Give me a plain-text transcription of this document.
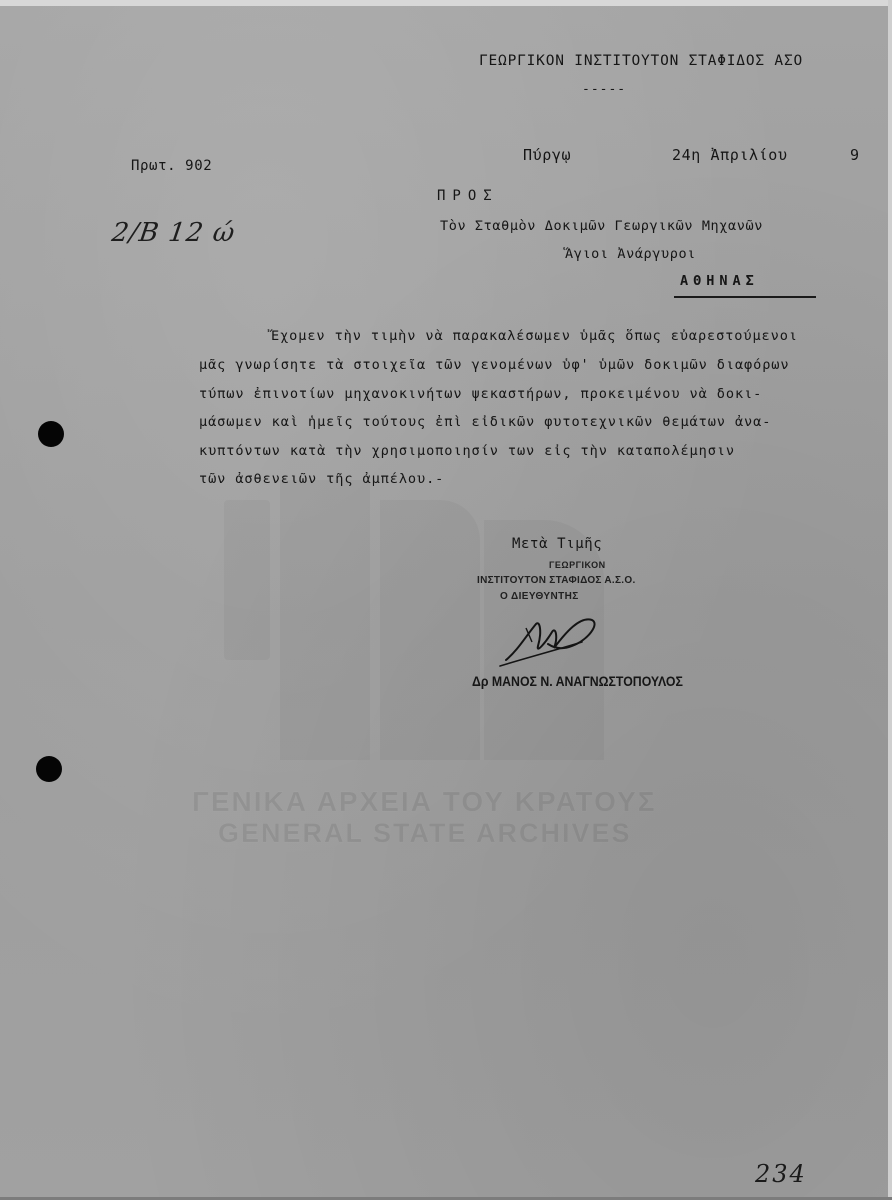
ΓΕΝΙΚΑ ΑΡΧΕΙΑ ΤΟΥ ΚΡΑΤΟΥΣ
GENERAL STATE ARCHIVES
ΓΕΩΡΓΙΚΟΝ ΙΝΣΤΙΤΟΥΤΟΝ ΣΤΑΦΙΔΟΣ ΑΣΟ
-----
Πρωτ. 902
Πύργῳ	24η Ἀπριλίου	9
2/Β 12 ώ
ΠΡΟΣ
Τὸν Σταθμὸν Δοκιμῶν Γεωργικῶν Μηχανῶν
Ἅγιοι Ἀνάργυροι
ΑΘΗΝΑΣ
Ἔχομεν τὴν τιμὴν νὰ παρακαλέσωμεν ὑμᾶς ὅπως εὐαρεστούμενοι
μᾶς γνωρίσητε τὰ στοιχεῖα τῶν γενομένων ὑφ' ὑμῶν δοκιμῶν διαφόρων
τύπων ἐπινοτίων μηχανοκινήτων ψεκαστήρων, προκειμένου νὰ δοκι-
μάσωμεν καὶ ἡμεῖς τούτους ἐπὶ εἰδικῶν φυτοτεχνικῶν θεμάτων ἀνα-
κυπτόντων κατὰ τὴν χρησιμοποιησίν των εἰς τὴν καταπολέμησιν
τῶν ἀσθενειῶν τῆς ἀμπέλου.-
Μετὰ Τιμῆς
ΓΕΩΡΓΙΚΟΝ
ΙΝΣΤΙΤΟΥΤΟΝ ΣΤΑΦΙΔΟΣ Α.Σ.Ο.
Ο ΔΙΕΥΘΥΝΤΗΣ
Δρ ΜΑΝΟΣ Ν. ΑΝΑΓΝΩΣΤΟΠΟΥΛΟΣ
234
